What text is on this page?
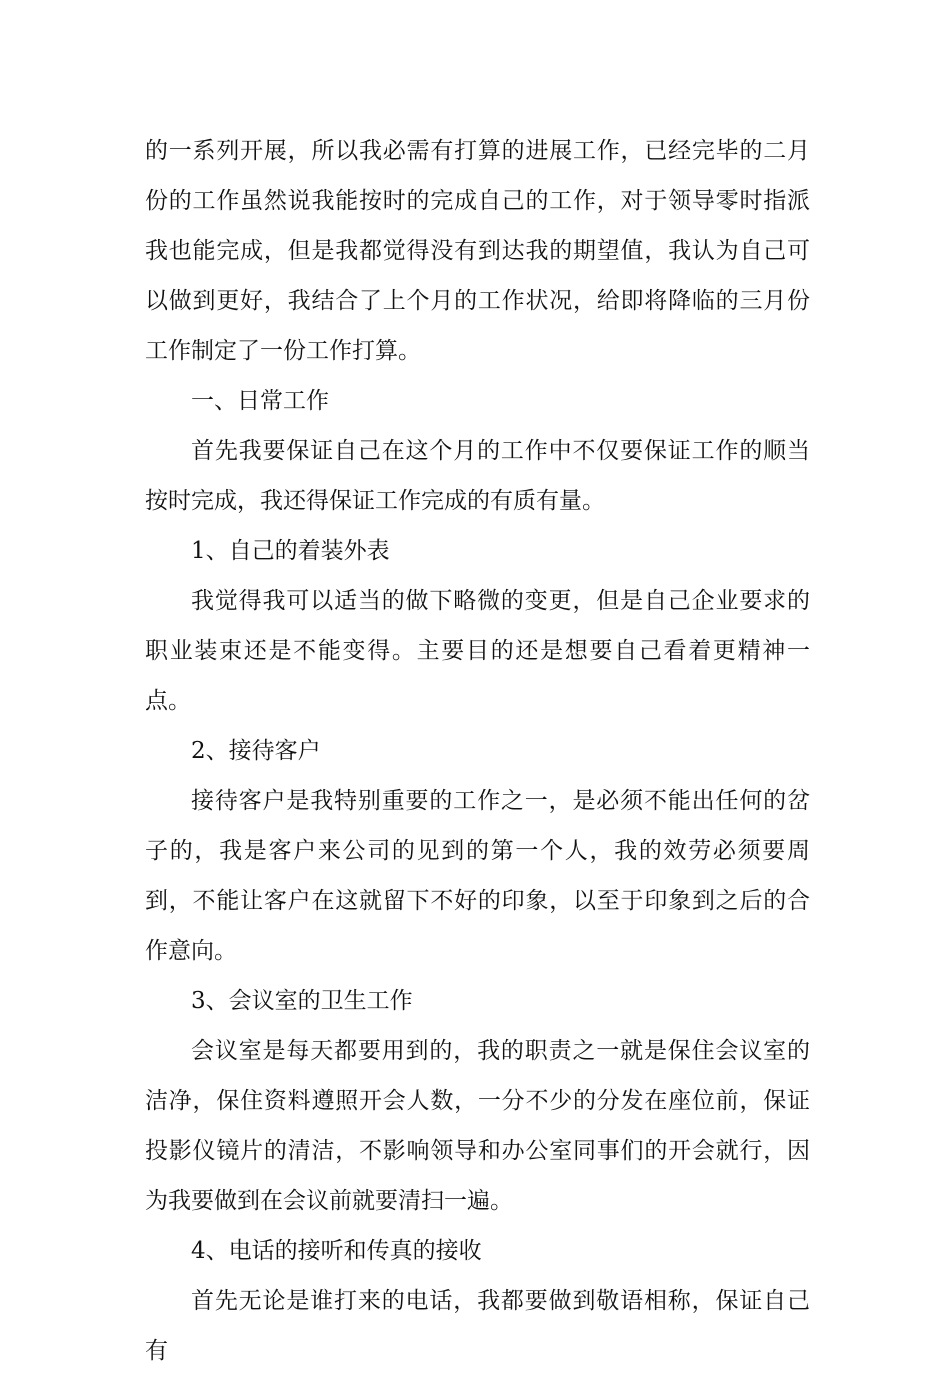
的一系列开展，所以我必需有打算的进展工作，已经完毕的二月份的工作虽然说我能按时的完成自己的工作，对于领导零时指派我也能完成，但是我都觉得没有到达我的期望值，我认为自己可以做到更好，我结合了上个月的工作状况，给即将降临的三月份工作制定了一份工作打算。

一、日常工作

首先我要保证自己在这个月的工作中不仅要保证工作的顺当按时完成，我还得保证工作完成的有质有量。

1、自己的着装外表

我觉得我可以适当的做下略微的变更，但是自己企业要求的职业装束还是不能变得。主要目的还是想要自己看着更精神一点。

2、接待客户

接待客户是我特别重要的工作之一，是必须不能出任何的岔子的，我是客户来公司的见到的第一个人，我的效劳必须要周到，不能让客户在这就留下不好的印象，以至于印象到之后的合作意向。

3、会议室的卫生工作

会议室是每天都要用到的，我的职责之一就是保住会议室的洁净，保住资料遵照开会人数，一分不少的分发在座位前，保证投影仪镜片的清洁，不影响领导和办公室同事们的开会就行，因为我要做到在会议前就要清扫一遍。

4、电话的接听和传真的接收

首先无论是谁打来的电话，我都要做到敬语相称，保证自己有
